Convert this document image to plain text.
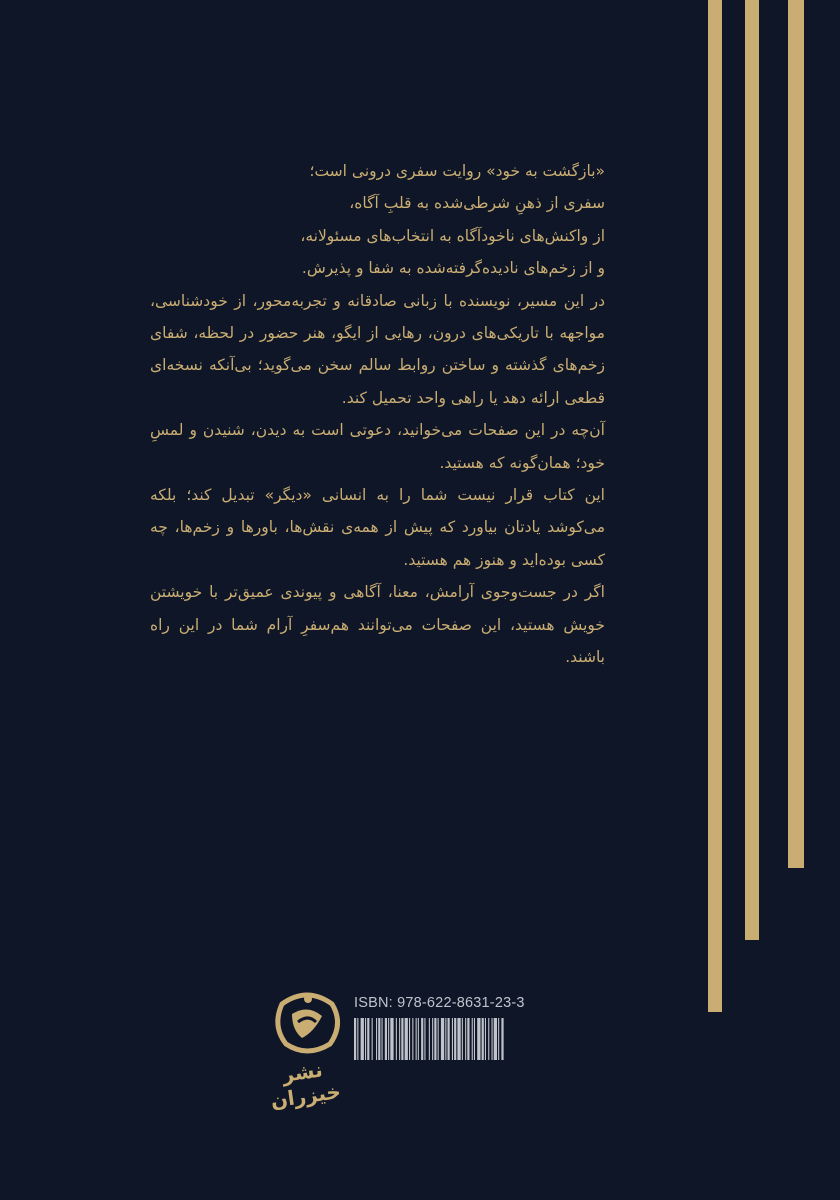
«بازگشت به خود» روایت سفری درونی است؛

سفری از ذهنِ شرطی‌شده به قلبِ آگاه،

از واکنش‌های ناخودآگاه به انتخاب‌های مسئولانه،

و از زخم‌های نادیده‌گرفته‌شده به شفا و پذیرش.

در این مسیر، نویسنده با زبانی صادقانه و تجربه‌محور، از خودشناسی، مواجهه با تاریکی‌های درون، رهایی از ایگو، هنر حضور در لحظه، شفای زخم‌های گذشته و ساختن روابط سالم سخن می‌گوید؛ بی‌آنکه نسخه‌ای قطعی ارائه دهد یا راهی واحد تحمیل کند.

آن‌چه در این صفحات می‌خوانید، دعوتی است به دیدن، شنیدن و لمسِ خود؛ همان‌گونه که هستید.

این کتاب قرار نیست شما را به انسانی «دیگر» تبدیل کند؛ بلکه می‌کوشد یادتان بیاورد که پیش از همه‌ی نقش‌ها، باورها و زخم‌ها، چه کسی بوده‌اید و هنوز هم هستید.

اگر در جست‌وجوی آرامش، معنا، آگاهی و پیوندی عمیق‌تر با خویشتن خویش هستید، این صفحات می‌توانند هم‌سفرِ آرام شما در این راه باشند.

ISBN: 978-622-8631-23-3
نشر خیزران
